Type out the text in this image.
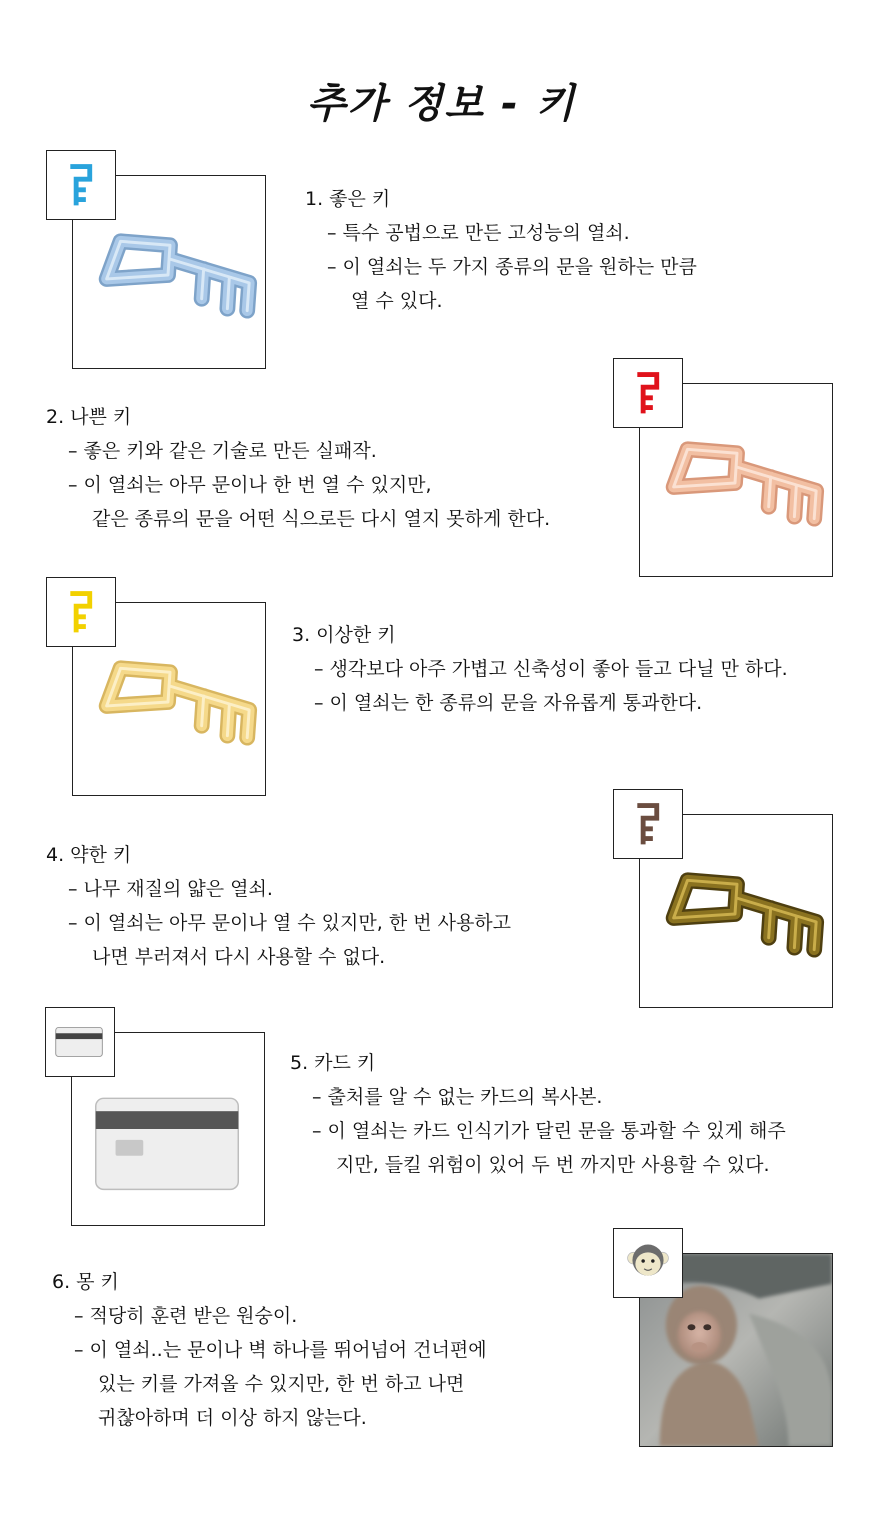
추가 정보 - 키

1. 좋은 키

– 특수 공법으로 만든 고성능의 열쇠.

– 이 열쇠는 두 가지 종류의 문을 원하는 만큼

열 수 있다.

2. 나쁜 키

– 좋은 키와 같은 기술로 만든 실패작.

– 이 열쇠는 아무 문이나 한 번 열 수 있지만,

같은 종류의 문을 어떤 식으로든 다시 열지 못하게 한다.

3. 이상한 키

– 생각보다 아주 가볍고 신축성이 좋아 들고 다닐 만 하다.

– 이 열쇠는 한 종류의 문을 자유롭게 통과한다.

4. 약한 키

– 나무 재질의 얇은 열쇠.

– 이 열쇠는 아무 문이나 열 수 있지만, 한 번 사용하고

나면 부러져서 다시 사용할 수 없다.

5. 카드 키

– 출처를 알 수 없는 카드의 복사본.

– 이 열쇠는 카드 인식기가 달린 문을 통과할 수 있게 해주

지만, 들킬 위험이 있어 두 번 까지만 사용할 수 있다.

6. 몽 키

– 적당히 훈련 받은 원숭이.

– 이 열쇠..는 문이나 벽 하나를 뛰어넘어 건너편에

있는 키를 가져올 수 있지만, 한 번 하고 나면

귀찮아하며 더 이상 하지 않는다.
